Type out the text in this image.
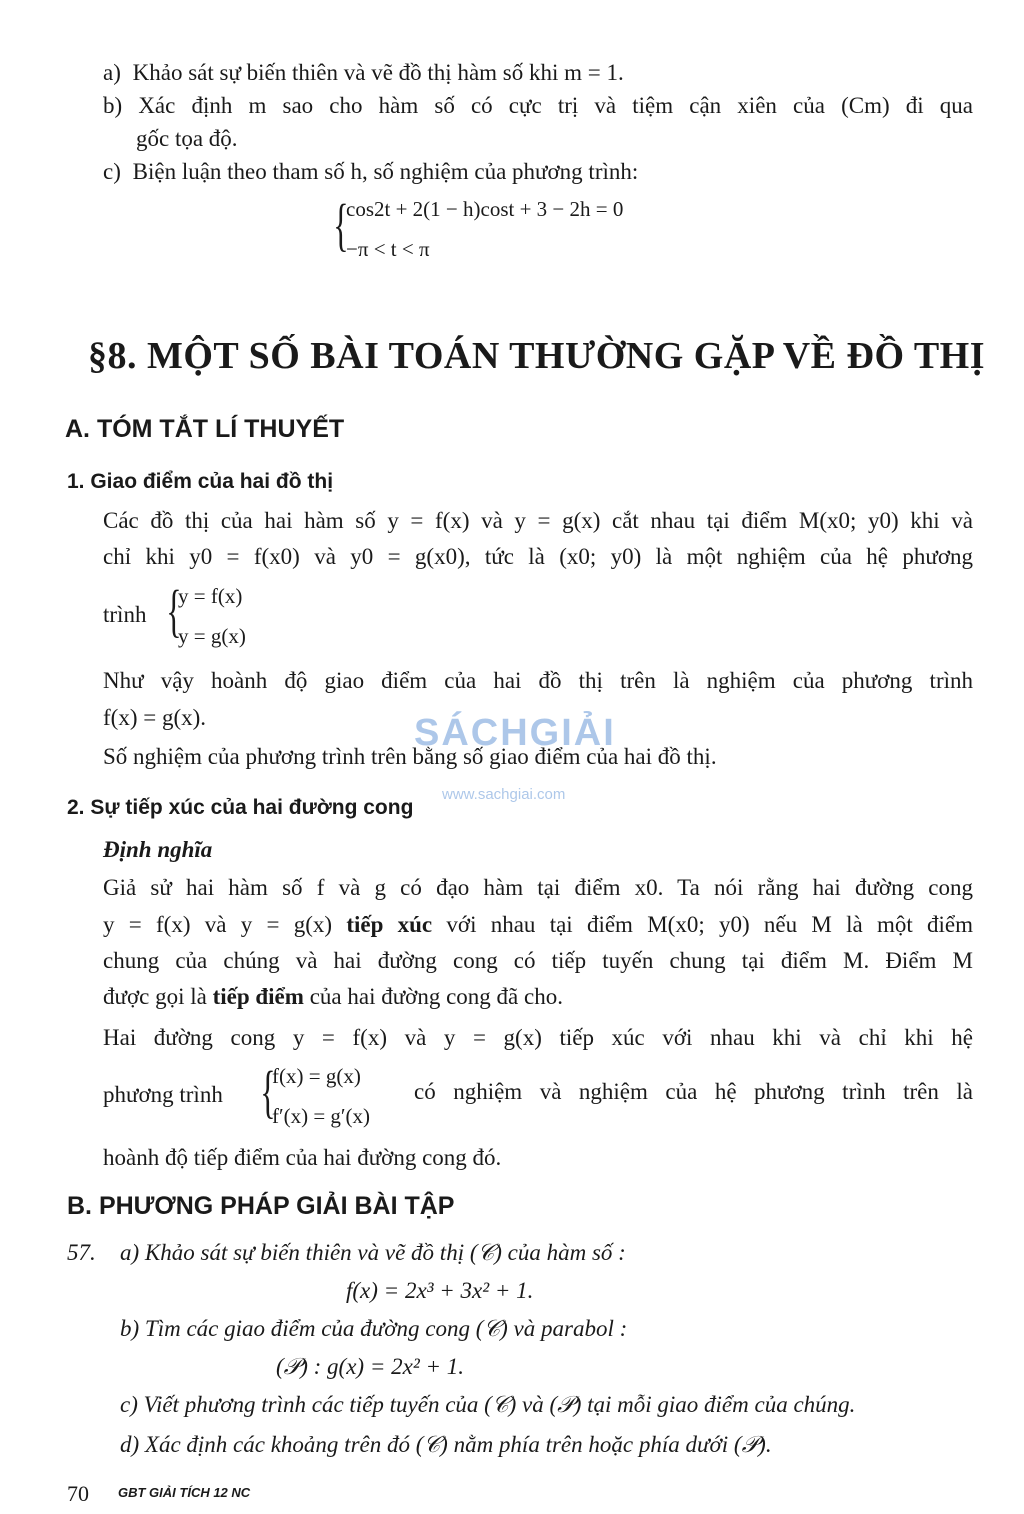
a) Khảo sát sự biến thiên và vẽ đồ thị hàm số khi m = 1.
b) Xác định m sao cho hàm số có cực trị và tiệm cận xiên của (Cm) đi qua
gốc tọa độ.
c) Biện luận theo tham số h, số nghiệm của phương trình:
{
cos2t + 2(1 − h)cost + 3 − 2h = 0
−π < t < π
§8. MỘT SỐ BÀI TOÁN THƯỜNG GẶP VỀ ĐỒ THỊ
A. TÓM TẮT LÍ THUYẾT
1. Giao điểm của hai đồ thị
Các đồ thị của hai hàm số y = f(x) và y = g(x) cắt nhau tại điểm M(x0; y0) khi và
chỉ khi y0 = f(x0) và y0 = g(x0), tức là (x0; y0) là một nghiệm của hệ phương
trình {
y = f(x)
y = g(x)
Như vậy hoành độ giao điểm của hai đồ thị trên là nghiệm của phương trình
f(x) = g(x).
Số nghiệm của phương trình trên bằng số giao điểm của hai đồ thị.
SÁCHGIẢI
www.sachgiai.com
2. Sự tiếp xúc của hai đường cong
Định nghĩa
Giả sử hai hàm số f và g có đạo hàm tại điểm x0. Ta nói rằng hai đường cong
y = f(x) và y = g(x) tiếp xúc với nhau tại điểm M(x0; y0) nếu M là một điểm
chung của chúng và hai đường cong có tiếp tuyến chung tại điểm M. Điểm M
được gọi là tiếp điểm của hai đường cong đã cho.
Hai đường cong y = f(x) và y = g(x) tiếp xúc với nhau khi và chỉ khi hệ
phương trình {
f(x) = g(x)
f′(x) = g′(x)
có nghiệm và nghiệm của hệ phương trình trên là
hoành độ tiếp điểm của hai đường cong đó.
B. PHƯƠNG PHÁP GIẢI BÀI TẬP
57. a) Khảo sát sự biến thiên và vẽ đồ thị (𝒞) của hàm số :
f(x) = 2x³ + 3x² + 1.
b) Tìm các giao điểm của đường cong (𝒞) và parabol :
(𝒫) : g(x) = 2x² + 1.
c) Viết phương trình các tiếp tuyến của (𝒞) và (𝒫) tại mỗi giao điểm của chúng.
d) Xác định các khoảng trên đó (𝒞) nằm phía trên hoặc phía dưới (𝒫).
70 GBT GIẢI TÍCH 12 NC
